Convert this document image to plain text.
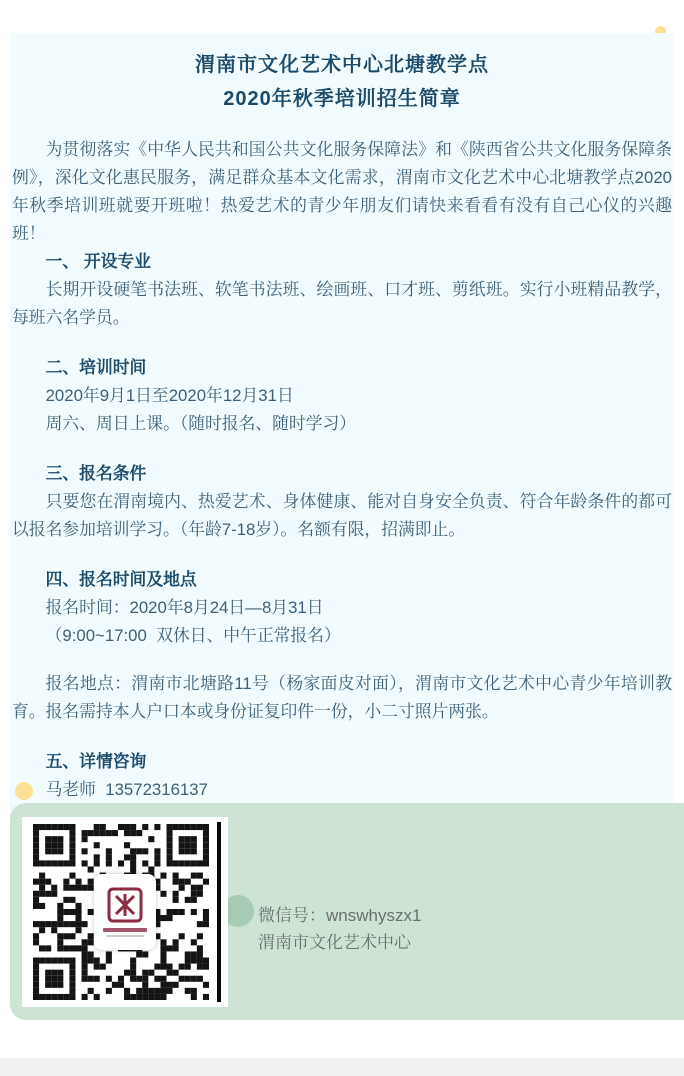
渭南市文化艺术中心北塘教学点
2020年秋季培训招生简章

为贯彻落实《中华人民共和国公共文化服务保障法》和《陕西省公共文化服务保障条例》，深化文化惠民服务，满足群众基本文化需求，渭南市文化艺术中心北塘教学点2020年秋季培训班就要开班啦！热爱艺术的青少年朋友们请快来看看有没有自己心仪的兴趣班！

一、 开设专业

长期开设硬笔书法班、软笔书法班、绘画班、口才班、剪纸班。实行小班精品教学，每班六名学员。

二、培训时间

2020年9月1日至2020年12月31日

周六、周日上课。（随时报名、随时学习）

三、报名条件

只要您在渭南境内、热爱艺术、身体健康、能对自身安全负责、符合年龄条件的都可以报名参加培训学习。（年龄7-18岁）。名额有限，招满即止。

四、报名时间及地点

报名时间：2020年8月24日—8月31日

（9:00~17:00  双休日、中午正常报名）

报名地点：渭南市北塘路11号（杨家面皮对面），渭南市文化艺术中心青少年培训教育。报名需持本人户口本或身份证复印件一份，小二寸照片两张。

五、详情咨询

马老师  13572316137

微信号：wnswhyszx1
渭南市文化艺术中心
